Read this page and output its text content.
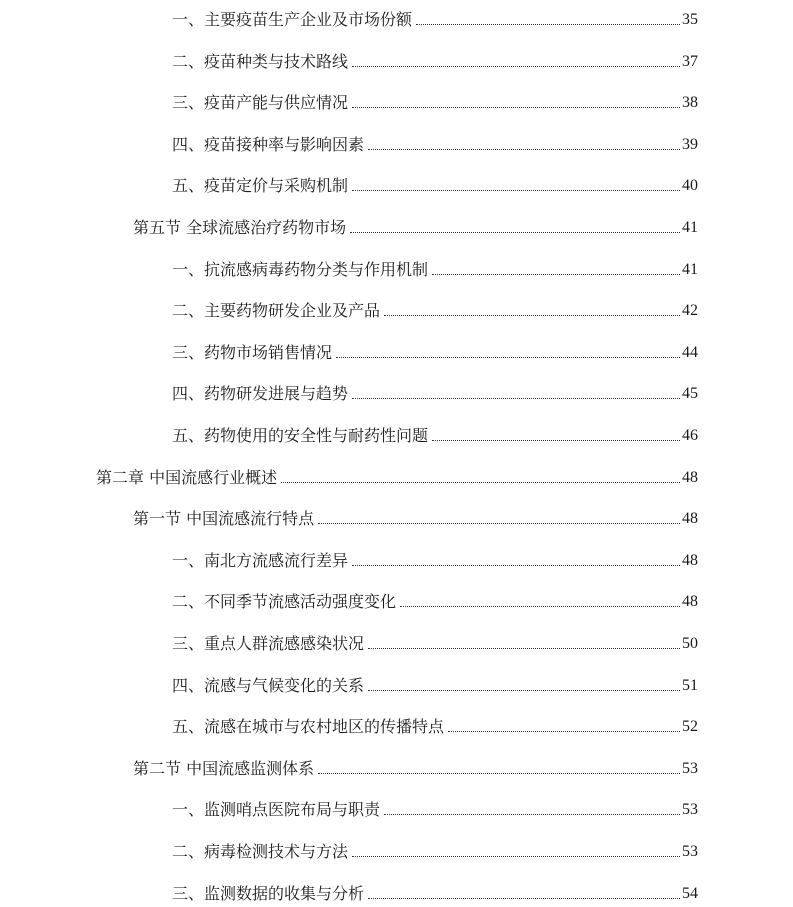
一、主要疫苗生产企业及市场份额	35
二、疫苗种类与技术路线	37
三、疫苗产能与供应情况	38
四、疫苗接种率与影响因素	39
五、疫苗定价与采购机制	40
第五节 全球流感治疗药物市场	41
一、抗流感病毒药物分类与作用机制	41
二、主要药物研发企业及产品	42
三、药物市场销售情况	44
四、药物研发进展与趋势	45
五、药物使用的安全性与耐药性问题	46
第二章 中国流感行业概述	48
第一节 中国流感流行特点	48
一、南北方流感流行差异	48
二、不同季节流感活动强度变化	48
三、重点人群流感感染状况	50
四、流感与气候变化的关系	51
五、流感在城市与农村地区的传播特点	52
第二节 中国流感监测体系	53
一、监测哨点医院布局与职责	53
二、病毒检测技术与方法	53
三、监测数据的收集与分析	54
